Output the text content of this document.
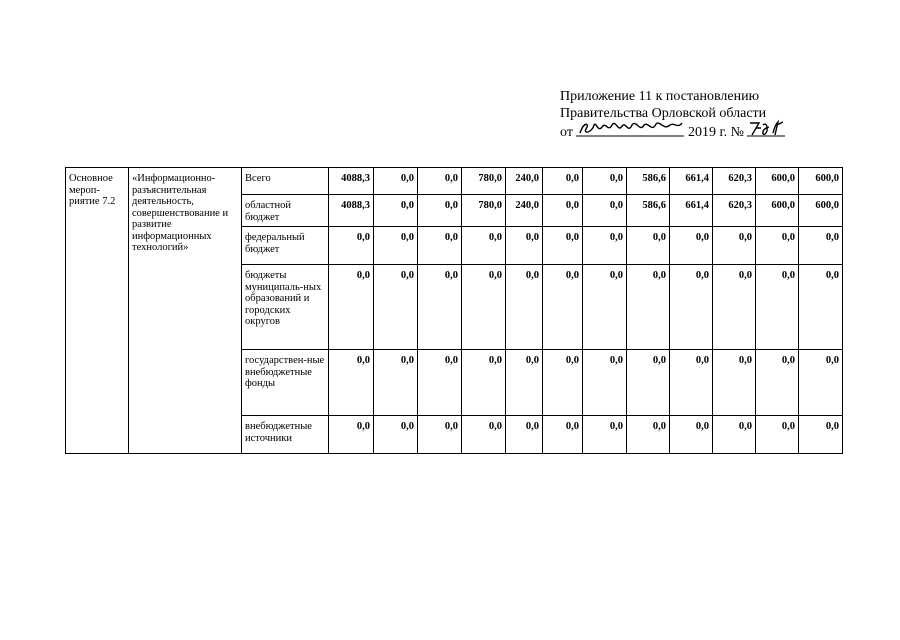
Приложение 11 к постановлению
Правительства Орловской области
от	2019 г. №
Основное мероп-риятие 7.2	«Информационно-разъяснительная деятельность, совершенствование и развитие информационных технологий»	Всего	4088,3	0,0	0,0	780,0	240,0	0,0	0,0	586,6	661,4	620,3	600,0	600,0
		областной бюджет	4088,3	0,0	0,0	780,0	240,0	0,0	0,0	586,6	661,4	620,3	600,0	600,0
		федеральный бюджет	0,0	0,0	0,0	0,0	0,0	0,0	0,0	0,0	0,0	0,0	0,0	0,0
		бюджеты муниципаль-ных образований и городских округов	0,0	0,0	0,0	0,0	0,0	0,0	0,0	0,0	0,0	0,0	0,0	0,0
		государствен-ные внебюджетные фонды	0,0	0,0	0,0	0,0	0,0	0,0	0,0	0,0	0,0	0,0	0,0	0,0
		внебюджетные источники	0,0	0,0	0,0	0,0	0,0	0,0	0,0	0,0	0,0	0,0	0,0	0,0
